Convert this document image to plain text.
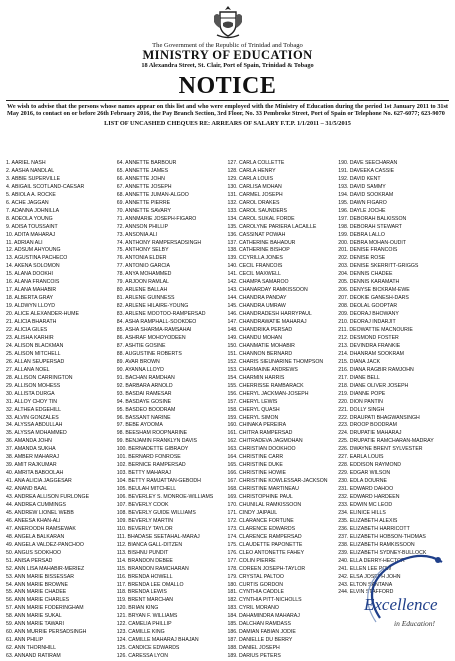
The Government of the Republic of Trinidad and Tobago
MINISTRY OF EDUCATION
18 Alexandra Street, St. Clair, Port of Spain, Trinidad & Tobago
NOTICE

We wish to advise that the persons whose names appear on this list and who were employed with the Ministry of Education during the period 1st January 2011 to 31st May 2016, to contact on or before 26th February 2016, the Pay Branch Section, 3rd Floor, No. 33 Pembroke Street, Port of Spain or Telephone No. 627-6077; 623-9070

LIST OF UNCASHED CHEQUES RE: ARREARS OF SALARY F.T.P. 1/1/2011 – 31/5/2015
1. AARIEL NASH
2. AASHA NANDLAL
3. ABBIE SUPERVILLE
4. ABIGAIL SCOTLAND-CAESAR
5. ABIOLA A. ROCKE
6. ACHE JAGGAN
7. ADANNA JOHNILLA
8. ADEOLA YOUNG
9. ADISA TOUSSAINT
10. ADITA MAHARAJ
11. ADRIAN ALI
12. ADSUM AHYOUNG
13. AGUSTINA PACHECO
14. AKENA SOLOMON
15. ALANA DOOKHI
16. ALANA FRANCOIS
17. ALANA MAHABIR
18. ALBERTA GRAY
19. ALDWYN LLOYD
20. ALICE ALEXANDER-HUME
21. ALICIA BHARATH
22. ALICIA GILES
23. ALISHA KARHIR
24. ALISON BLACKMAN
25. ALISON MITCHELL
26. ALLAN SEUPERSAD
27. ALLANA NOEL
28. ALLISON CARRINGTON
29. ALLISON MOHESS
30. ALLISTA DURGA
31. ALLOY CHOY TIN
32. ALTHEA EDGEHILL
33. ALVIN GONZALES
34. ALYSSA ABDULLAH
35. ALYSSA MOHAMMED
36. AMANDA JOHN
37. AMANDA SUKHA
38. AMBER MAHARAJ
39. AMIT RAJKUMAR
40. AMRITA BABOOLAH
41. ANA ALICIA JAGGESAR
42. ANAND BAAL
43. ANDREA ALLISON FURLONGE
44. ANDREA CUMMINGS
45. ANDREW LIONEL WEBB
46. ANEESA KHAN-ALI
47. ANEROODH RAMSEWAK
48. ANGELA BALKARAN
49. ANGELA VALDEZ-PANCHOO
50. ANGUS SOOKHOO
51. ANISA PERSAD
52. ANN LISA MAHABIR-MERIEZ
53. ANN MARIE BISSESSAR
54. ANN MARIE BROWNE
55. ANN MARIE CHADEE
56. ANN MARIE CHARLES
57. ANN MARIE FODERINGHAM
58. ANN MARIE SUKAL
59. ANN MARIE TAWARI
60. ANN MURRIE PERSADSINGH
61. ANN PHILIP
62. ANN THORNHILL
63. ANNAND RATIRAM
64. ANNETTE BARBOUR
65. ANNETTE JAMES
66. ANNETTE JOHN
67. ANNETTE JOSEPH
68. ANNETTE JUMAN-ALGOO
69. ANNETTE PIERRE
70. ANNETTE SAVARY
71. ANNMARIE JOSEPH-FIGARO
72. ANNSON PHILLIP
73. ANSONIA ALI
74. ANTHONY RAMPERSADSINGH
75. ANTHONY SELBY
76. ANTONIA ELDER
77. ANTONIO GARCIA
78. ANYA MOHAMMED
79. ARJOON RAMLAL
80. ARLENE BALLAH
81. ARLENE GUINNESS
82. ARLENE HILAIRE-YOUNG
83. ARLENE MOOTOO-RAMPERSAD
84. ASHA RAMPHALL-SOOKDEO
85. ASHA SHARMA-RAMSAHAI
86. ASHRAF MOHOYODEEN
87. ASHTIE GOSINE
88. AUGUSTINE ROBERTS
89. AVAR BROWN
90. AYANNA LLOYD
91. BACHAN RAMDHAN
92. BARBARA ARNOLD
93. BASDAI RAMESAR
94. BASDAYE GOSINE
95. BASDEO BOODRAM
96. BASSANT NARINE
97. BEBE AYOOMA
98. BEESHAM ROOPNARINE
99. BENJAMIN FRANKLYN DAVIS
100. BERNADETTE GIBRAOY
101. BERNARD FONROSE
102. BERNICE RAMPERSAD
103. BETTY MAHARAJ
104. BETTY RAMJATTAN-GEBODH
105. BEULAH MITCHELL
106. BEVERLEY S. MONROE-WILLIAMS
107. BEVERLY COOK
108. BEVERLY GUIDE WILLIAMS
109. BEVERLY MARTIN
110. BEVERLY TAYLOR
111. BHADASE SEETAHAL-MARAJ
112. BIANCA GALL-DITZEN
113. BISHNU PUNDIT
114. BRANDON DEBEE
115. BRANDON RAMCHARAN
116. BRENDA HOWELL
117. BRENDA LEE OMALLO
118. BRENDA LEWIS
119. BRENT MARCHAN
120. BRIAN KING
121. BRYAN F. WILLIAMS
122. CAMELIA PHILLIP
123. CAMILLE KING
124. CAMILLE MAHARAJ BHAJAN
125. CANDICE EDWARDS
126. CARESSA LYON
127. CARLA COLLETTE
128. CARLA HENRY
129. CARLA LOUIS
130. CARLISA MOHAN
131. CARMEL JOSEPH
132. CAROL DRAKES
133. CAROL SAUNDERS
134. CAROL SUKAL FORDE
135. CAROLYNE PARIERA LACAILLE
136. CASSINAT POWAH
137. CATHERINE BAHADUR
138. CATHERINE BISHOP
139. CCYRILLA JONES
140. CECIL FRANCOIS
141. CECIL MAXWELL
142. CHAMPA SAMAROO
143. CHANARDAY RAMKISSOON
144. CHANDRA PANDAY
145. CHANDRA UMRAW
146. CHANDRADESH HARRYPAUL
147. CHANDRAWATIE MAHARAJ
148. CHANDRIKA PERSAD
149. CHANDU MOHAN
150. CHANMATIE MOHABIR
151. CHANNON BERNARD
152. CHARIS SIEUNARINE THOMPSON
153. CHARMAINE ANDREWS
154. CHARMIN HARRIS
155. CHERRISSE RAMBARACK
156. CHERYL JACKMAN-JOSEPH
157. CHERYL LEWIS
158. CHERYL QUASH
159. CHERYL SIMON
160. CHINAKA PEREIRA
161. CHITRA RAMPERSAD
162. CHITRADEVA JAGMOHAN
163. CHRISTIAN DOOKHOO
164. CHRISTINE CARR
165. CHRISTINE DUKE
166. CHRISTINE HOWIE
167. CHRISTINE KOWLESSAR-JACKSON
168. CHRISTINE MARTINEAU
169. CHRISTOPHINE PAUL
170. CHUNILAL RAMKISSOON
171. CINDY JAIPAUL
172. CLARANCE FORTUNE
173. CLARENCE EDWARDS
174. CLARENCE RAMPERSAD
175. CLAUDETTE PAPONETTE
176. CLEO ANTONETTE FAHEY
177. COLIN PIERRE
178. COREEN JOSEPH-TAYLOR
179. CRYSTAL PALTOO
180. CURTIS GORDON
181. CYNTHIA CADDLE
182. CYNTHIA PITT-NICHOLLS
183. CYRIL MORANO
184. DAHAMINDRA MAHARAJ
185. DALCHAN RAMDASS
186. DAMIAN FABIAN JODIE
187. DANIELLE DU BERRY
188. DANIEL JOSEPH
189. DARIUS PETERS
190. DAVE SEECHARAN
191. DAVEEKA CASSIE
192. DAVID KENT
193. DAVID SAMMY
194. DAVID SOOKRAM
195. DAWN FIGARO
196. DAYLE JOCHE
197. DEBORAH BALKISSON
198. DEBORAH STEWART
199. DEBRA LALLO
200. DEBRA MOHAN-OUDIT
201. DENISE FRANCOIS
202. DENISE ROSE
203. DENISE SKERRITT-GRIGGS
204. DENNIS CHADEE
205. DENNIS KARAMATH
206. DENYSE BICKRAM-EWE
207. DEOKIE GANESH-DARS
208. DEOLAL GOOPTAR
209. DEORAJ BHOWANY
210. DEORAJ INDARJIT
211. DEOWATTIE MACNOURIE
212. DESMOND FOSTER
213. DEVINDRA FRANKIE
214. DHANRAM SOOKRAM
215. DIANA JACK
216. DIANA RAGBIR RAMJOHN
217. DIANE BELL
218. DIANE OLIVER JOSEPH
219. DIANNE POPE
220. DION PANTIN
221. DOLLY SINGH
222. DRAUPATI BHAGWANSINGH
223. DROOP BOODRAM
224. DRUPATIE MAHARAJ
225. DRUPATIE RAMCHARAN-MADRAY
226. DWAYNE BRENT SYLVESTER
227. EARLA LOUIS
228. EDDISON RAYMOND
229. EDGAR WILSON
230. EDLA DOURNE
231. EDWARD DAHOO
232. EDWARD HARDEEN
233. EDWIN MC LEOD
234. ELINICE HILLS
235. ELIZABETH ALEXIS
236. ELIZABETH HARRICOTT
237. ELIZABETH HOBSON-THOMAS
238. ELIZABETH RAMKISSOON
239. ELIZABETH SYDNEY-BULLOCK
240. ELLA DERRY-HECTOR
241. ELLEN LEE POW
242. ELSA JOSEPH JOHN
243. ELTON SANTANA
244. ELVIN STAFFORD
Excellence
in Education!
